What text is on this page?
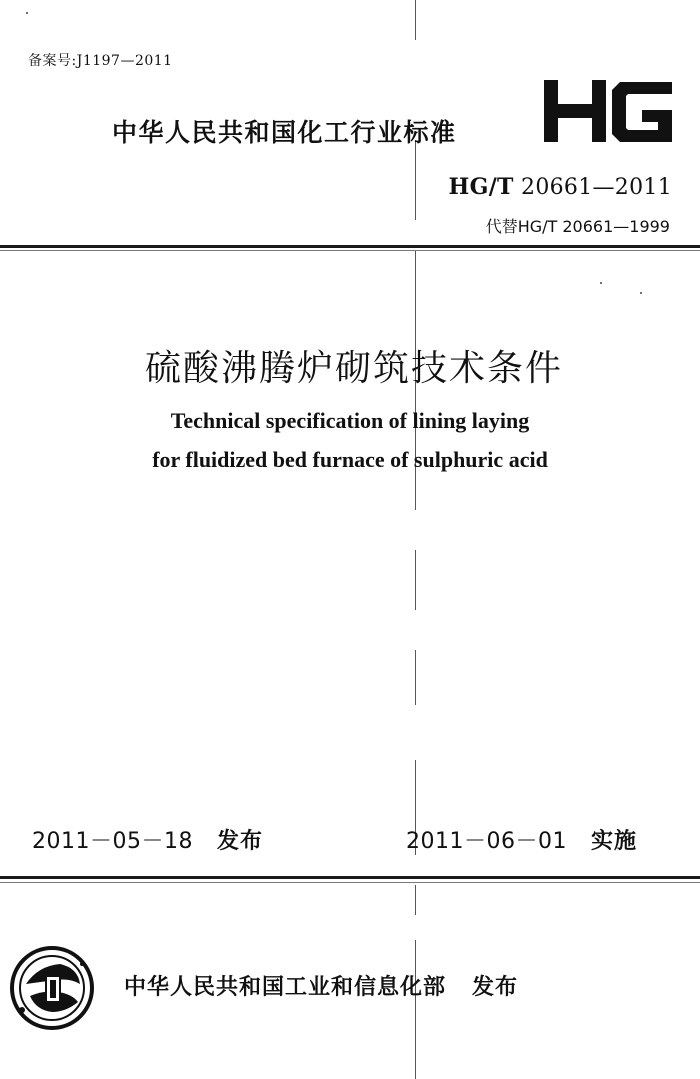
备案号:J1197—2011
中华人民共和国化工行业标准
HG/T 20661—2011
代替HG/T 20661—1999
硫酸沸腾炉砌筑技术条件
Technical specification of lining laying
for fluidized bed furnace of sulphuric acid
2011－05－18 发布	2011－06－01 实施
中华人民共和国工业和信息化部 发布
